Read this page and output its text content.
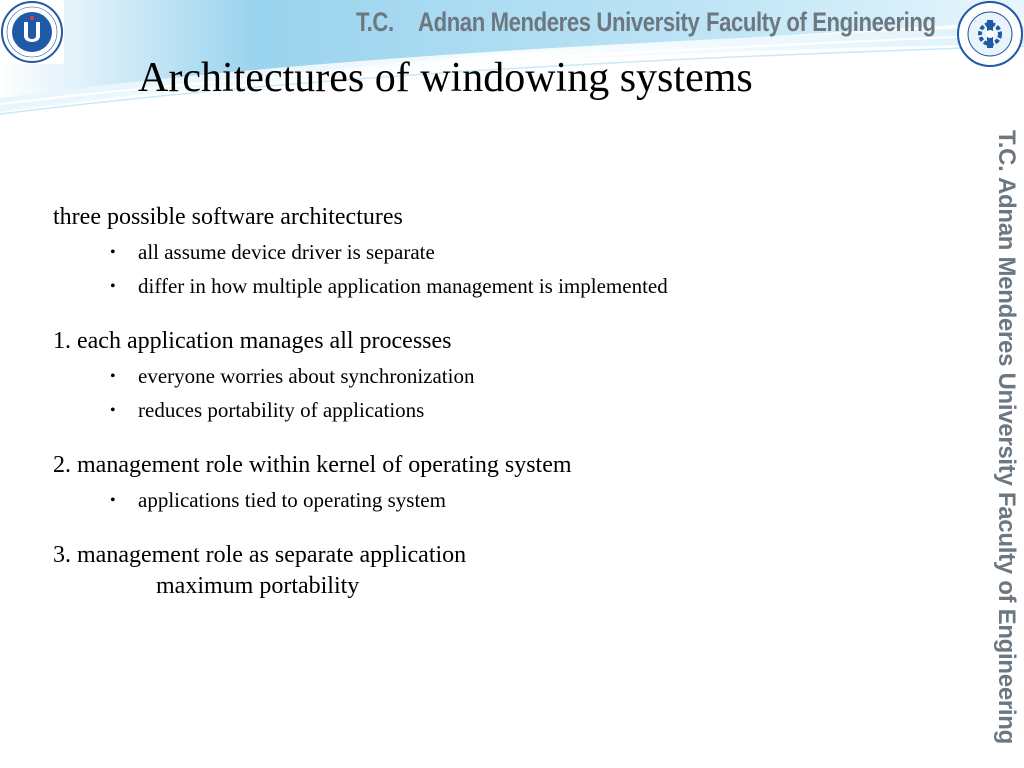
T.C. Adnan Menderes University Faculty of Engineering
Architectures of windowing systems
T.C. Adnan Menderes University Faculty of Engineering
three possible software architectures
• all assume device driver is separate
• differ in how multiple application management is implemented
1. each application manages all processes
• everyone worries about synchronization
• reduces portability of applications
2. management role within kernel of operating system
• applications tied to operating system
3. management role as separate application
maximum portability
